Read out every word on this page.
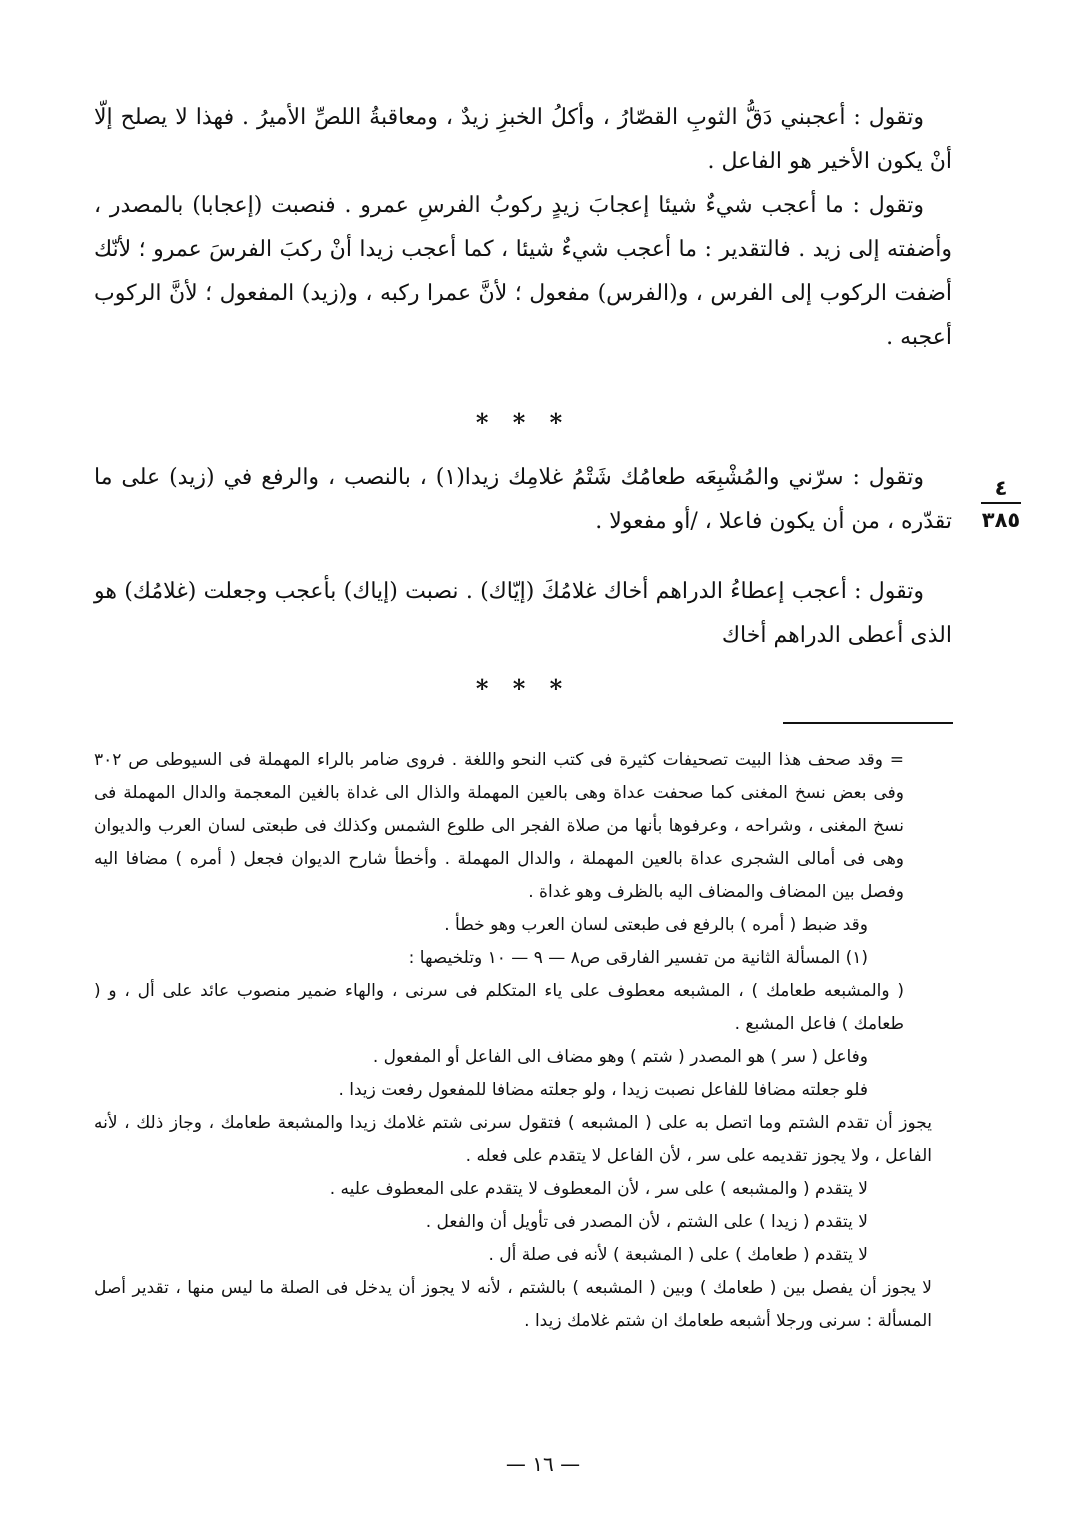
وتقول : أعجبني دَقُّ الثوبِ القصّارُ ، وأكلُ الخبزِ زيدٌ ، ومعاقبةُ اللصِّ الأميرُ . فهذا لا يصلح إلّا أنْ يكون الأخير هو الفاعل .

وتقول : ما أعجب شيءٌ شيئا إعجابَ زيدٍ ركوبُ الفرسِ عمرو . فنصبت (إعجابا) بالمصدر ، وأضفته إلى زيد . فالتقدير : ما أعجب شيءٌ شيئا ، كما أعجب زيدا أنْ ركبَ الفرسَ عمرو ؛ لأنّك أضفت الركوب إلى الفرس ، و(الفرس) مفعول ؛ لأنَّ عمرا ركبه ، و(زيد) المفعول ؛ لأنَّ الركوب أعجبه .

* * *

وتقول : سرّني والمُشْبِعَه طعامُك شَتْمُ غلامِك زيدا(١) ، بالنصب ، والرفع في (زيد) على ما تقدّره ، من أن يكون فاعلا ، /أو مفعولا .

٤
٣٨٥

وتقول : أعجب إعطاءُ الدراهم أخاك غلامُكَ (إيّاك) . نصبت (إياك) بأعجب وجعلت (غلامُك) هو الذى أعطى الدراهم أخاك

* * *

= وقد صحف هذا البيت تصحيفات كثيرة فى كتب النحو واللغة . فروى ضامر بالراء المهملة فى السيوطى ص ٣٠٢ وفى بعض نسخ المغنى كما صحفت عداة وهى بالعين المهملة والذال الى غداة بالغين المعجمة والدال المهملة فى نسخ المغنى ، وشراحه ، وعرفوها بأنها من صلاة الفجر الى طلوع الشمس وكذلك فى طبعتى لسان العرب والديوان وهى فى أمالى الشجرى عداة بالعين المهملة ، والدال المهملة . وأخطأ شارح الديوان فجعل ( أمره ) مضافا اليه وفصل بين المضاف والمضاف اليه بالظرف وهو غداة .

وقد ضبط ( أمره ) بالرفع فى طبعتى لسان العرب وهو خطأ .

(١) المسألة الثانية من تفسير الفارقى ص٨ — ٩ — ١٠ وتلخيصها :

( والمشبعه طعامك ) ، المشبعه معطوف على ياء المتكلم فى سرنى ، والهاء ضمير منصوب عائد على أل ، و ( طعامك ) فاعل المشبع .

وفاعل ( سر ) هو المصدر ( شتم ) وهو مضاف الى الفاعل أو المفعول .

فلو جعلته مضافا للفاعل نصبت زيدا ، ولو جعلته مضافا للمفعول رفعت زيدا .

يجوز أن تقدم الشتم وما اتصل به على ( المشبعه ) فتقول سرنى شتم غلامك زيدا والمشبعة طعامك ، وجاز ذلك ، لأنه الفاعل ، ولا يجوز تقديمه على سر ، لأن الفاعل لا يتقدم على فعله .

لا يتقدم ( والمشبعه ) على سر ، لأن المعطوف لا يتقدم على المعطوف عليه .

لا يتقدم ( زيدا ) على الشتم ، لأن المصدر فى تأويل أن والفعل .

لا يتقدم ( طعامك ) على ( المشبعة ) لأنه فى صلة أل .

لا يجوز أن يفصل بين ( طعامك ) وبين ( المشبعه ) بالشتم ، لأنه لا يجوز أن يدخل فى الصلة ما ليس منها ، تقدير أصل المسألة : سرنى ورجلا أشبعه طعامك ان شتم غلامك زيدا .

— ١٦ —
